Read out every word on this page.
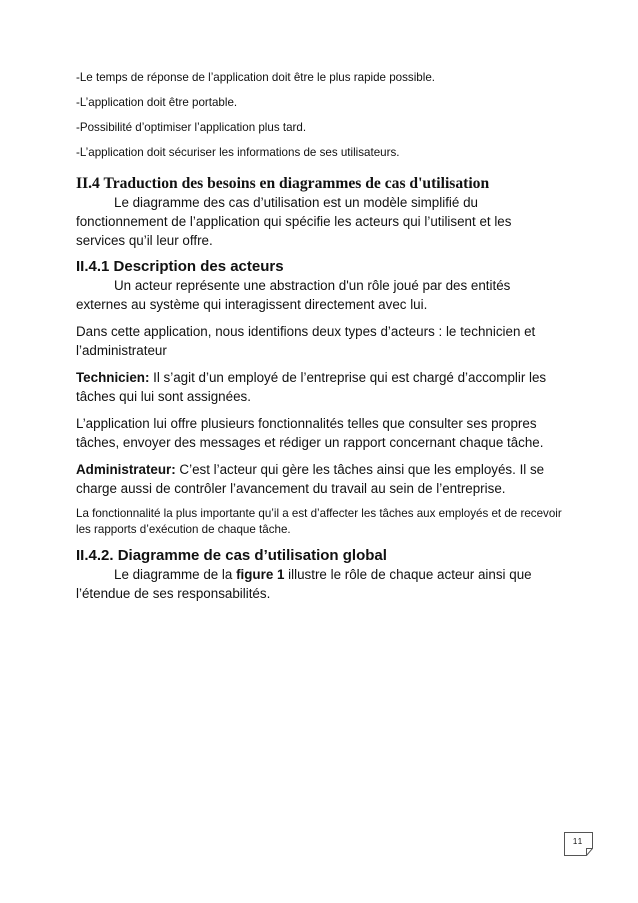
-Le temps de réponse de l’application doit être le plus rapide possible.

-L’application doit être portable.

-Possibilité d’optimiser l’application plus tard.

-L’application doit sécuriser les informations de ses utilisateurs.

II.4 Traduction des besoins en diagrammes de cas d'utilisation

Le diagramme des cas d’utilisation est un modèle simplifié du fonctionnement de l’application qui spécifie les acteurs qui l’utilisent et les services qu’il leur offre.

II.4.1 Description des acteurs

Un acteur représente une abstraction d'un rôle joué par des entités externes au système qui interagissent directement avec lui.

Dans cette application, nous identifions deux types d’acteurs : le technicien et l’administrateur

Technicien: Il s’agit d’un employé de l’entreprise qui est chargé d’accomplir les tâches qui lui sont assignées.

L’application lui offre plusieurs fonctionnalités telles que consulter ses propres tâches, envoyer des messages et rédiger un rapport concernant chaque tâche.

Administrateur: C’est l’acteur qui gère les tâches ainsi que les employés. Il se charge aussi de contrôler l’avancement du travail au sein de l’entreprise.

La fonctionnalité la plus importante qu’il a est d’affecter les tâches aux employés et de recevoir les rapports d’exécution de chaque tâche.

II.4.2. Diagramme de cas d’utilisation global

Le diagramme de la figure 1 illustre le rôle de chaque acteur ainsi que l’étendue de ses responsabilités.

11
